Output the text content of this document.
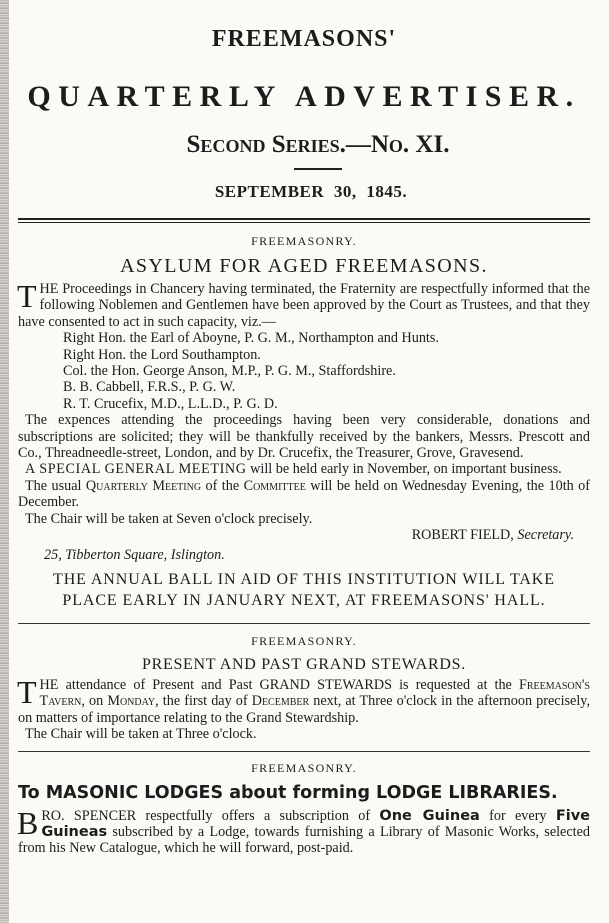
FREEMASONS'
QUARTERLY ADVERTISER.
Second Series.—No. XI.
SEPTEMBER 30, 1845.
FREEMASONRY.
ASYLUM FOR AGED FREEMASONS.
T HE Proceedings in Chancery having terminated, the Fraternity are respectfully informed that the following Noblemen and Gentlemen have been approved by the Court as Trustees, and that they have consented to act in such capacity, viz.—

Right Hon. the Earl of Aboyne, P. G. M., Northampton and Hunts.
Right Hon. the Lord Southampton.
Col. the Hon. George Anson, M.P., P. G. M., Staffordshire.
B. B. Cabbell, F.R.S., P. G. W.
R. T. Crucefix, M.D., L.L.D., P. G. D.

The expences attending the proceedings having been very considerable, donations and subscriptions are solicited; they will be thankfully received by the bankers, Messrs. Prescott and Co., Threadneedle-street, London, and by Dr. Crucefix, the Treasurer, Grove, Gravesend.

A SPECIAL GENERAL MEETING will be held early in November, on important business.

The usual Quarterly Meeting of the Committee will be held on Wednesday Evening, the 10th of December.

The Chair will be taken at Seven o'clock precisely.

ROBERT FIELD, Secretary.

25, Tibberton Square, Islington.

THE ANNUAL BALL IN AID OF THIS INSTITUTION WILL TAKE PLACE EARLY IN JANUARY NEXT, AT FREEMASONS' HALL.

FREEMASONRY.
PRESENT AND PAST GRAND STEWARDS.
T HE attendance of Present and Past GRAND STEWARDS is requested at the Freemason's Tavern, on Monday, the first day of December next, at Three o'clock in the afternoon precisely, on matters of importance relating to the Grand Stewardship.

The Chair will be taken at Three o'clock.

FREEMASONRY.
To MASONIC LODGES about forming LODGE LIBRARIES.
B RO. SPENCER respectfully offers a subscription of One Guinea for every Five Guineas subscribed by a Lodge, towards furnishing a Library of Masonic Works, selected from his New Catalogue, which he will forward, post-paid.
